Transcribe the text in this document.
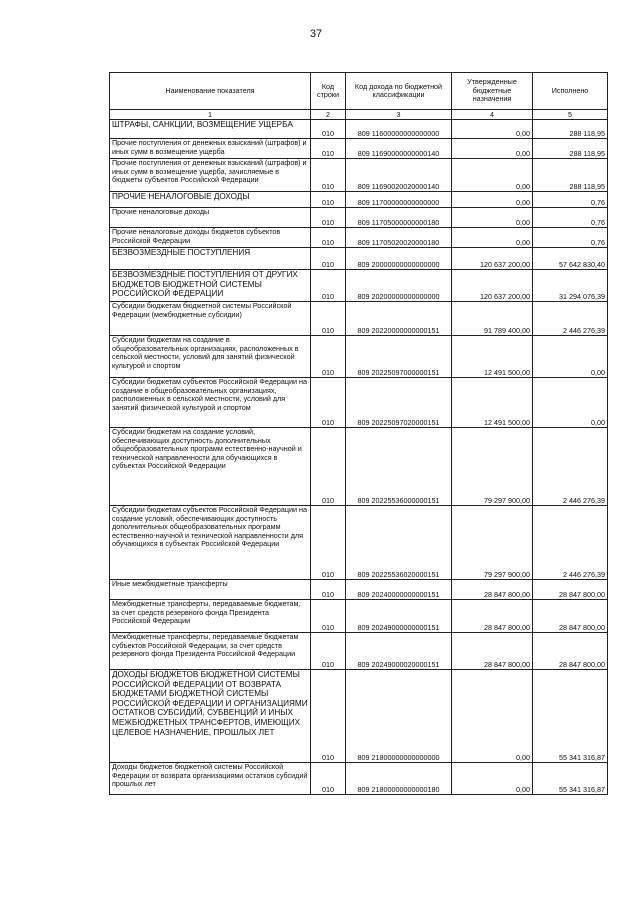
37
Наименование показателя	Код строки	Код дохода по бюджетной классификации	Утвержденные бюджетные назначения	Исполнено
1	2	3	4	5
ШТРАФЫ, САНКЦИИ, ВОЗМЕЩЕНИЕ УЩЕРБА	010	809 11600000000000000	0,00	288 118,95
Прочие поступления от денежных взысканий (штрафов) и иных сумм в возмещение ущерба	010	809 11690000000000140	0,00	288 118,95
Прочие поступления от денежных взысканий (штрафов) и иных сумм в возмещение ущерба, зачисляемые в бюджеты субъектов Российской Федерации	010	809 11690020020000140	0,00	288 118,95
ПРОЧИЕ НЕНАЛОГОВЫЕ ДОХОДЫ	010	809 11700000000000000	0,00	0,76
Прочие неналоговые доходы	010	809 11705000000000180	0,00	0,76
Прочие неналоговые доходы бюджетов субъектов Российской Федерации	010	809 11705020020000180	0,00	0,76
БЕЗВОЗМЕЗДНЫЕ ПОСТУПЛЕНИЯ	010	809 20000000000000000	120 637 200,00	57 642 830,40
БЕЗВОЗМЕЗДНЫЕ ПОСТУПЛЕНИЯ ОТ ДРУГИХ БЮДЖЕТОВ БЮДЖЕТНОЙ СИСТЕМЫ РОССИЙСКОЙ ФЕДЕРАЦИИ	010	809 20200000000000000	120 637 200,00	31 294 076,39
Субсидии бюджетам бюджетной системы Российской Федерации (межбюджетные субсидии)	010	809 20220000000000151	91 789 400,00	2 446 276,39
Субсидии бюджетам на создание в общеобразовательных организациях, расположенных в сельской местности, условий для занятий физической культурой и спортом	010	809 20225097000000151	12 491 500,00	0,00
Субсидии бюджетам субъектов Российской Федерации на создание в общеобразовательных организациях, расположенных в сельской местности, условий для занятий физической культурой и спортом	010	809 20225097020000151	12 491 500,00	0,00
Субсидии бюджетам на создание условий, обеспечивающих доступность дополнительных общеобразовательных программ естественно-научной и технической направленности для обучающихся в субъектах Российской Федерации	010	809 20225536000000151	79 297 900,00	2 446 276,39
Субсидии бюджетам субъектов Российской Федерации на создание условий, обеспечивающих доступность дополнительных общеобразовательных программ естественно-научной и технической направленности для обучающихся в субъектах Российской Федерации	010	809 20225536020000151	79 297 900,00	2 446 276,39
Иные межбюджетные трансферты	010	809 20240000000000151	28 847 800,00	28 847 800,00
Межбюджетные трансферты, передаваемые бюджетам, за счет средств резервного фонда Президента Российской Федерации	010	809 20249000000000151	28 847 800,00	28 847 800,00
Межбюджетные трансферты, передаваемые бюджетам субъектов Российской Федерации, за счет средств резервного фонда Президента Российской Федерации	010	809 20249000020000151	28 847 800,00	28 847 800,00
ДОХОДЫ БЮДЖЕТОВ БЮДЖЕТНОЙ СИСТЕМЫ РОССИЙСКОЙ ФЕДЕРАЦИИ ОТ ВОЗВРАТА БЮДЖЕТАМИ БЮДЖЕТНОЙ СИСТЕМЫ РОССИЙСКОЙ ФЕДЕРАЦИИ И ОРГАНИЗАЦИЯМИ ОСТАТКОВ СУБСИДИЙ, СУБВЕНЦИЙ И ИНЫХ МЕЖБЮДЖЕТНЫХ ТРАНСФЕРТОВ, ИМЕЮЩИХ ЦЕЛЕВОЕ НАЗНАЧЕНИЕ, ПРОШЛЫХ ЛЕТ	010	809 21800000000000000	0,00	55 341 316,87
Доходы бюджетов бюджетной системы Российской Федерации от возврата организациями остатков субсидий прошлых лет	010	809 21800000000000180	0,00	55 341 316,87
